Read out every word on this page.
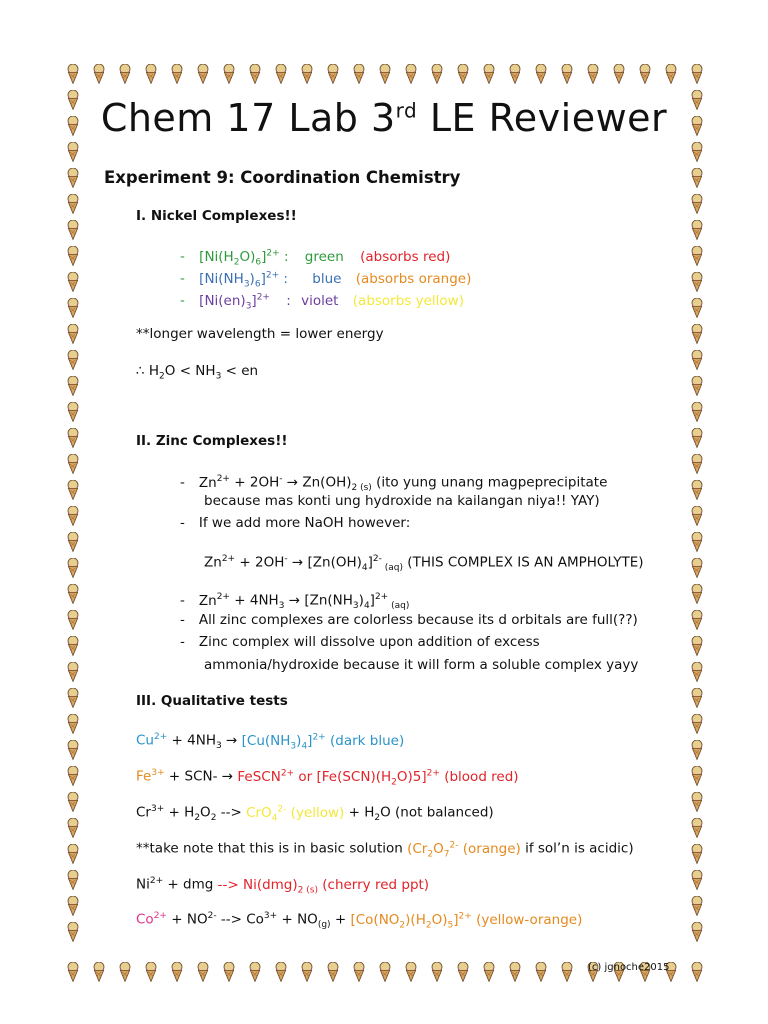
Chem 17 Lab 3rd LE Reviewer
Experiment 9: Coordination Chemistry
I. Nickel Complexes!!
- $[Ni(H_2O)_6]^{2+}$ : green (absorbs red)
- $[Ni(NH_3)_6]^{2+}$ : blue (absorbs orange)
- $[Ni(en)_3]^{2+}$ : violet (absorbs yellow)
**longer wavelength = lower energy
∴ $H_2O < NH_3$ < en
II. Zinc Complexes!!
- $Zn^{2+} + 2OH^- \to Zn(OH)_{2 (s)}$ (ito yung unang magpeprecipitate
because mas konti ung hydroxide na kailangan niya!! YAY)
- If we add more NaOH however:
$Zn^{2+} + 2OH^- \to [Zn(OH)_4]^{2-}$ $_{(aq)}$ (THIS COMPLEX IS AN AMPHOLYTE)
- $Zn^{2+} + 4NH_3 \to [Zn(NH_3)_4]^{2+}$ $_{(aq)}$
- All zinc complexes are colorless because its d orbitals are full(??)
- Zinc complex will dissolve upon addition of excess
ammonia/hydroxide because it will form a soluble complex yayy
III. Qualitative tests
$Cu^{2+} + 4NH_3 \to [Cu(NH_3)_4]^{2+}$ (dark blue)
$Fe^{3+} + SCN-$ → FeSCN$^{2+}$ or $[Fe(SCN)(H_2O)5]^{2+}$ (blood red)
$Cr^{3+} + H_2O_2$ --> CrO$_4^{2-}$ (yellow) + $H_2O$ (not balanced)
**take note that this is in basic solution ($Cr_2O_7^{2-}$ (orange) if sol’n is acidic)
$Ni^{2+}$ + dmg --> $Ni(dmg)_{2 (s)}$ (cherry red ppt)
$Co^{2+} + NO^{2-}$ --> $Co^{3+} + NO_{(g)} + [Co(NO_2)(H_2O)_5]^{2+}$ (yellow-orange)
(c) jgnoche2015
